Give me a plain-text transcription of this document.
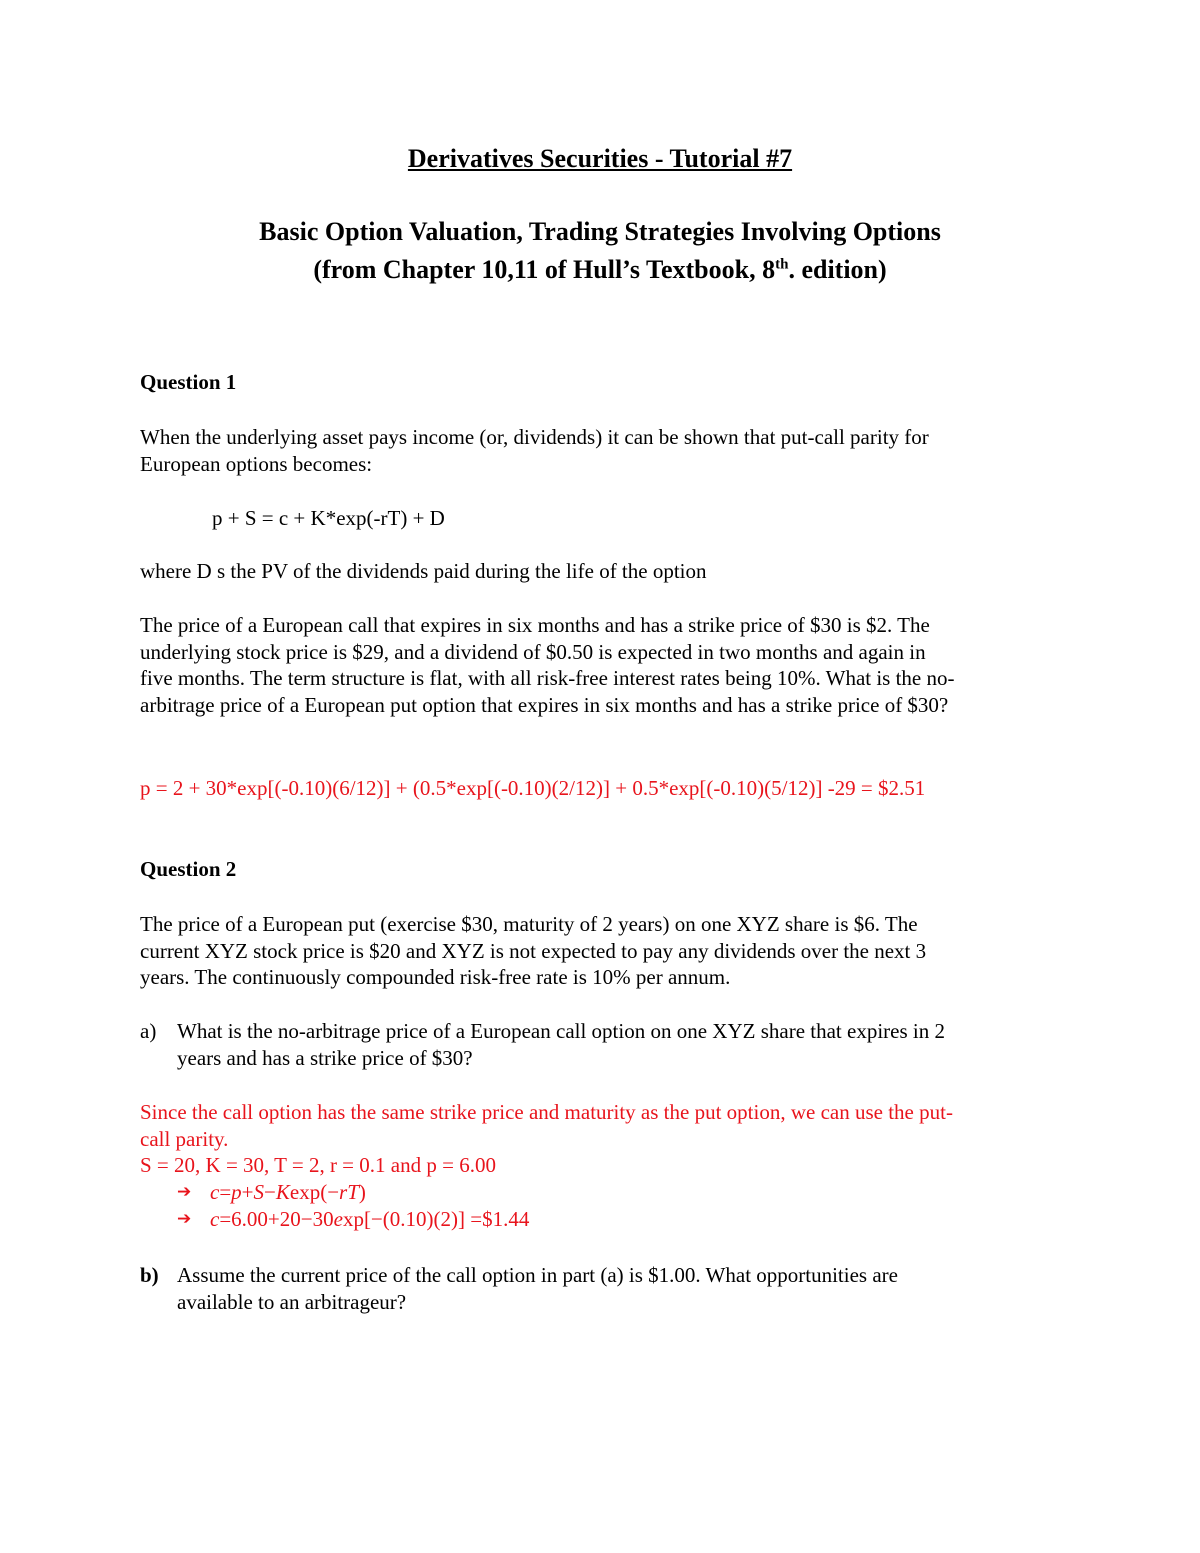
Derivatives Securities - Tutorial #7
Basic Option Valuation, Trading Strategies Involving Options
(from Chapter 10,11 of Hull’s Textbook, 8th. edition)
Question 1
When the underlying asset pays income (or, dividends) it can be shown that put-call parity for
European options becomes:
p + S = c + K*exp(-rT) + D
where D s the PV of the dividends paid during the life of the option
The price of a European call that expires in six months and has a strike price of $30 is $2. The
underlying stock price is $29, and a dividend of $0.50 is expected in two months and again in
five months. The term structure is flat, with all risk-free interest rates being 10%. What is the no-
arbitrage price of a European put option that expires in six months and has a strike price of $30?
p = 2 + 30*exp[(-0.10)(6/12)] + (0.5*exp[(-0.10)(2/12)] + 0.5*exp[(-0.10)(5/12)] -29 = $2.51
Question 2
The price of a European put (exercise $30, maturity of 2 years) on one XYZ share is $6. The
current XYZ stock price is $20 and XYZ is not expected to pay any dividends over the next 3
years. The continuously compounded risk-free rate is 10% per annum.
a) What is the no-arbitrage price of a European call option on one XYZ share that expires in 2
years and has a strike price of $30?
Since the call option has the same strike price and maturity as the put option, we can use the put-
call parity.
S = 20, K = 30, T = 2, r = 0.1 and p = 6.00
➔ c=p+S−Kexp(−rT)
➔ c=6.00+20−30exp[−(0.10)(2)] =$1.44
b) Assume the current price of the call option in part (a) is $1.00. What opportunities are
available to an arbitrageur?
